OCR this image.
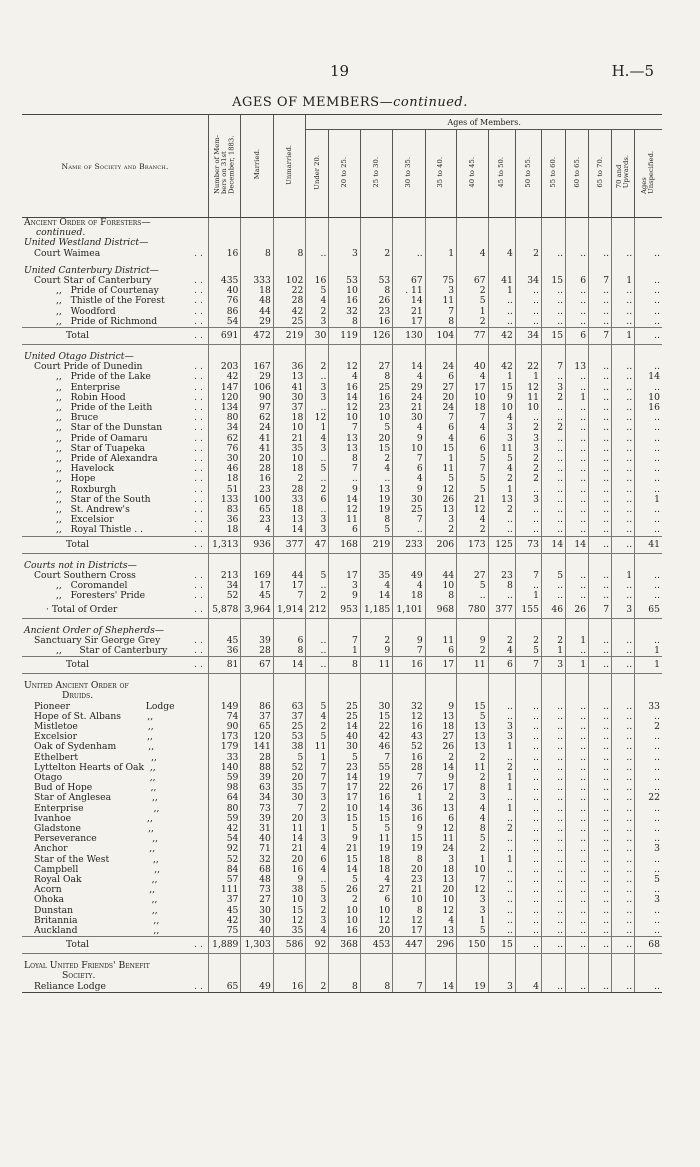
19	H.—5
AGES OF MEMBERS—continued.
Name of Society and Branch.	Number of Mem-
bers on 31st
December, 1883.	Married.	Unmarried.	Ages of Members.												
				Under 20.	20 to 25.	25 to 30.	30 to 35.	35 to 40.	40 to 45.	45 to 50.	50 to 55.	55 to 60.	60 to 65.	65 to 70.	70 and
Upwards.	Ages
Unspecified.
Ancient Order of Foresters—																
continued.																
United Westland District—																
Court Waimea . .	16	8	8	..	3	2	..	1	4	4	2	..	..	..	..	..

United Canterbury District—																
Court Star of Canterbury . .	435	333	102	16	53	53	67	75	67	41	34	15	6	7	1	..
,,   Pride of Courtenay . .	40	18	22	5	10	8	. 11	3	2	1	..	..	..	..	..	..
,,   Thistle of the Forest . .	76	48	28	4	16	26	14	11	5	..	..	..	..	..	..	..
,,   Woodford . .	86	44	42	2	32	23	21	7	1	..	..	..	..	..	..	..
,,   Pride of Richmond . .	54	29	25	3	8	16	17	8	2	..	..	..	..	..	..	..
Total . .	691	472	219	30	119	126	130	104	77	42	34	15	6	7	1	..

United Otago District—																
Court Pride of Dunedin . .	203	167	36	2	12	27	14	24	40	42	22	7	13	..	..	..
,,   Pride of the Lake . .	42	29	13	..	4	8	4	6	4	1	1	..	..	..	..	14
,,   Enterprise . .	147	106	41	3	16	25	29	27	17	15	12	3	..	..	..	..
,,   Robin Hood . .	120	90	30	3	14	16	24	20	10	9	11	2	1	..	..	10
,,   Pride of the Leith . .	134	97	37	..	12	23	21	24	18	10	10	..	..	..	..	16
,,   Bruce . .	80	62	18	12	10	10	30	7	7	4	..	..	..	..	..	..
,,   Star of the Dunstan . .	34	24	10	1	7	5	4	6	4	3	2	2	..	..	..	..
,,   Pride of Oamaru . .	62	41	21	4	13	20	9	4	6	3	3	..	..	..	..	..
,,   Star of Tuapeka . .	76	41	35	3	13	15	10	15	6	11	3	..	..	..	..	..
,,   Pride of Alexandra . .	30	20	10	..	8	2	7	1	5	5	2	..	..	..	..	..
,,   Havelock . .	46	28	18	5	7	4	6	11	7	4	2	..	..	..	..	..
,,   Hope . .	18	16	2	..	..	..	4	5	5	2	2	..	..	..	..	..
,,   Roxburgh . .	51	23	28	2	9	13	9	12	5	1	..	..	..	..	..	..
,,   Star of the South . .	133	100	33	6	14	19	30	26	21	13	3	..	..	..	..	1
,,   St. Andrew's . .	83	65	18	..	12	19	25	13	12	2	..	..	..	..	..	..
,,   Excelsior . .	36	23	13	3	11	8	7	3	4	..	..	..	..	..	..	..
,,   Royal Thistle . . . .	18	4	14	3	6	5	..	2	2	..	..	..	..	..	..	..
Total . .	1,313	936	377	47	168	219	233	206	173	125	73	14	14	..	..	41

Courts not in Districts—																
Court Southern Cross . .	213	169	44	5	17	35	49	44	27	23	7	5	..	..	1	..
,,   Coromandel . .	34	17	17	..	3	4	4	10	5	8	..	..	..	..	..	..
,,   Foresters' Pride . .	52	45	7	2	9	14	18	8	..	..	1	..	..	..	..	..
· Total of Order . .	5,878	3,964	1,914	212	953	1,185	1,101	968	780	377	155	46	26	7	3	65

Ancient Order of Shepherds—																
Sanctuary Sir George Grey . .	45	39	6	..	7	2	9	11	9	2	2	2	1	..	..	..
,,      Star of Canterbury . .	36	28	8	..	1	9	7	6	2	4	5	1	..	..	..	1
Total . .	81	67	14	..	8	11	16	17	11	6	7	3	1	..	..	1

United Ancient Order of																
Druids.																
Pioneer                          Lodge	149	86	63	5	25	30	32	9	15	..	..	..	..	..	..	33
Hope of St. Albans         ,,	74	37	37	4	25	15	12	13	5	..	..	..	..	..	..	..
Mistletoe                        ,,	90	65	25	2	14	22	16	18	13	3	..	..	..	..	..	2
Excelsior                        ,,	173	120	53	5	40	42	43	27	13	3	..	..	..	..	..	..
Oak of Sydenham           ,,	179	141	38	11	30	46	52	26	13	1	..	..	..	..	..	..
Ethelbert                         ,,	33	28	5	1	5	7	16	2	2	..	..	..	..	..	..	..
Lyttelton Hearts of Oak  ,,	140	88	52	7	23	55	28	14	11	2	..	..	..	..	..	..
Otago                              ,,	59	39	20	7	14	19	7	9	2	1	..	..	..	..	..	..
Bud of Hope                    ,,	98	63	35	7	17	22	26	17	8	1	..	..	..	..	..	..
Star of Anglesea              ,,	64	34	30	3	17	16	1	2	3	..	..	..	..	..	..	22
Enterprise                        ,,	80	73	7	2	10	14	36	13	4	1	..	..	..	..	..	..
Ivanhoe                          ,,	59	39	20	3	15	15	16	6	4	..	..	..	..	..	..	..
Gladstone                       ,,	42	31	11	1	5	5	9	12	8	2	..	..	..	..	..	..
Perseverance                   ,,	54	40	14	3	9	11	15	11	5	..	..	..	..	..	..	..
Anchor                            ,,	92	71	21	4	21	19	19	24	2	..	..	..	..	..	..	3
Star of the West               ,,	52	32	20	6	15	18	8	3	1	1	..	..	..	..	..	..
Campbell                          ,,	84	68	16	4	14	18	20	18	10	..	..	..	..	..	..	..
Royal Oak                        ,,	57	48	9	..	5	4	23	13	7	..	..	..	..	..	..	5
Acorn                              ,,	111	73	38	5	26	27	21	20	12	..	..	..	..	..	..	..
Ohoka                              ,,	37	27	10	3	2	6	10	10	3	..	..	..	..	..	..	3
Dunstan                           ,,	45	30	15	2	10	10	8	12	3	..	..	..	..	..	..	..
Britannia                          ,,	42	30	12	3	10	12	12	4	1	..	..	..	..	..	..	..
Auckland                          ,,	75	40	35	4	16	20	17	13	5	..	..	..	..	..	..	..
Total . .	1,889	1,303	586	92	368	453	447	296	150	15	..	..	..	..	..	68

Loyal United Friends' Benefit																
Society.																
Reliance Lodge . .	65	49	16	2	8	8	7	14	19	3	4	..	..	..	..	..
